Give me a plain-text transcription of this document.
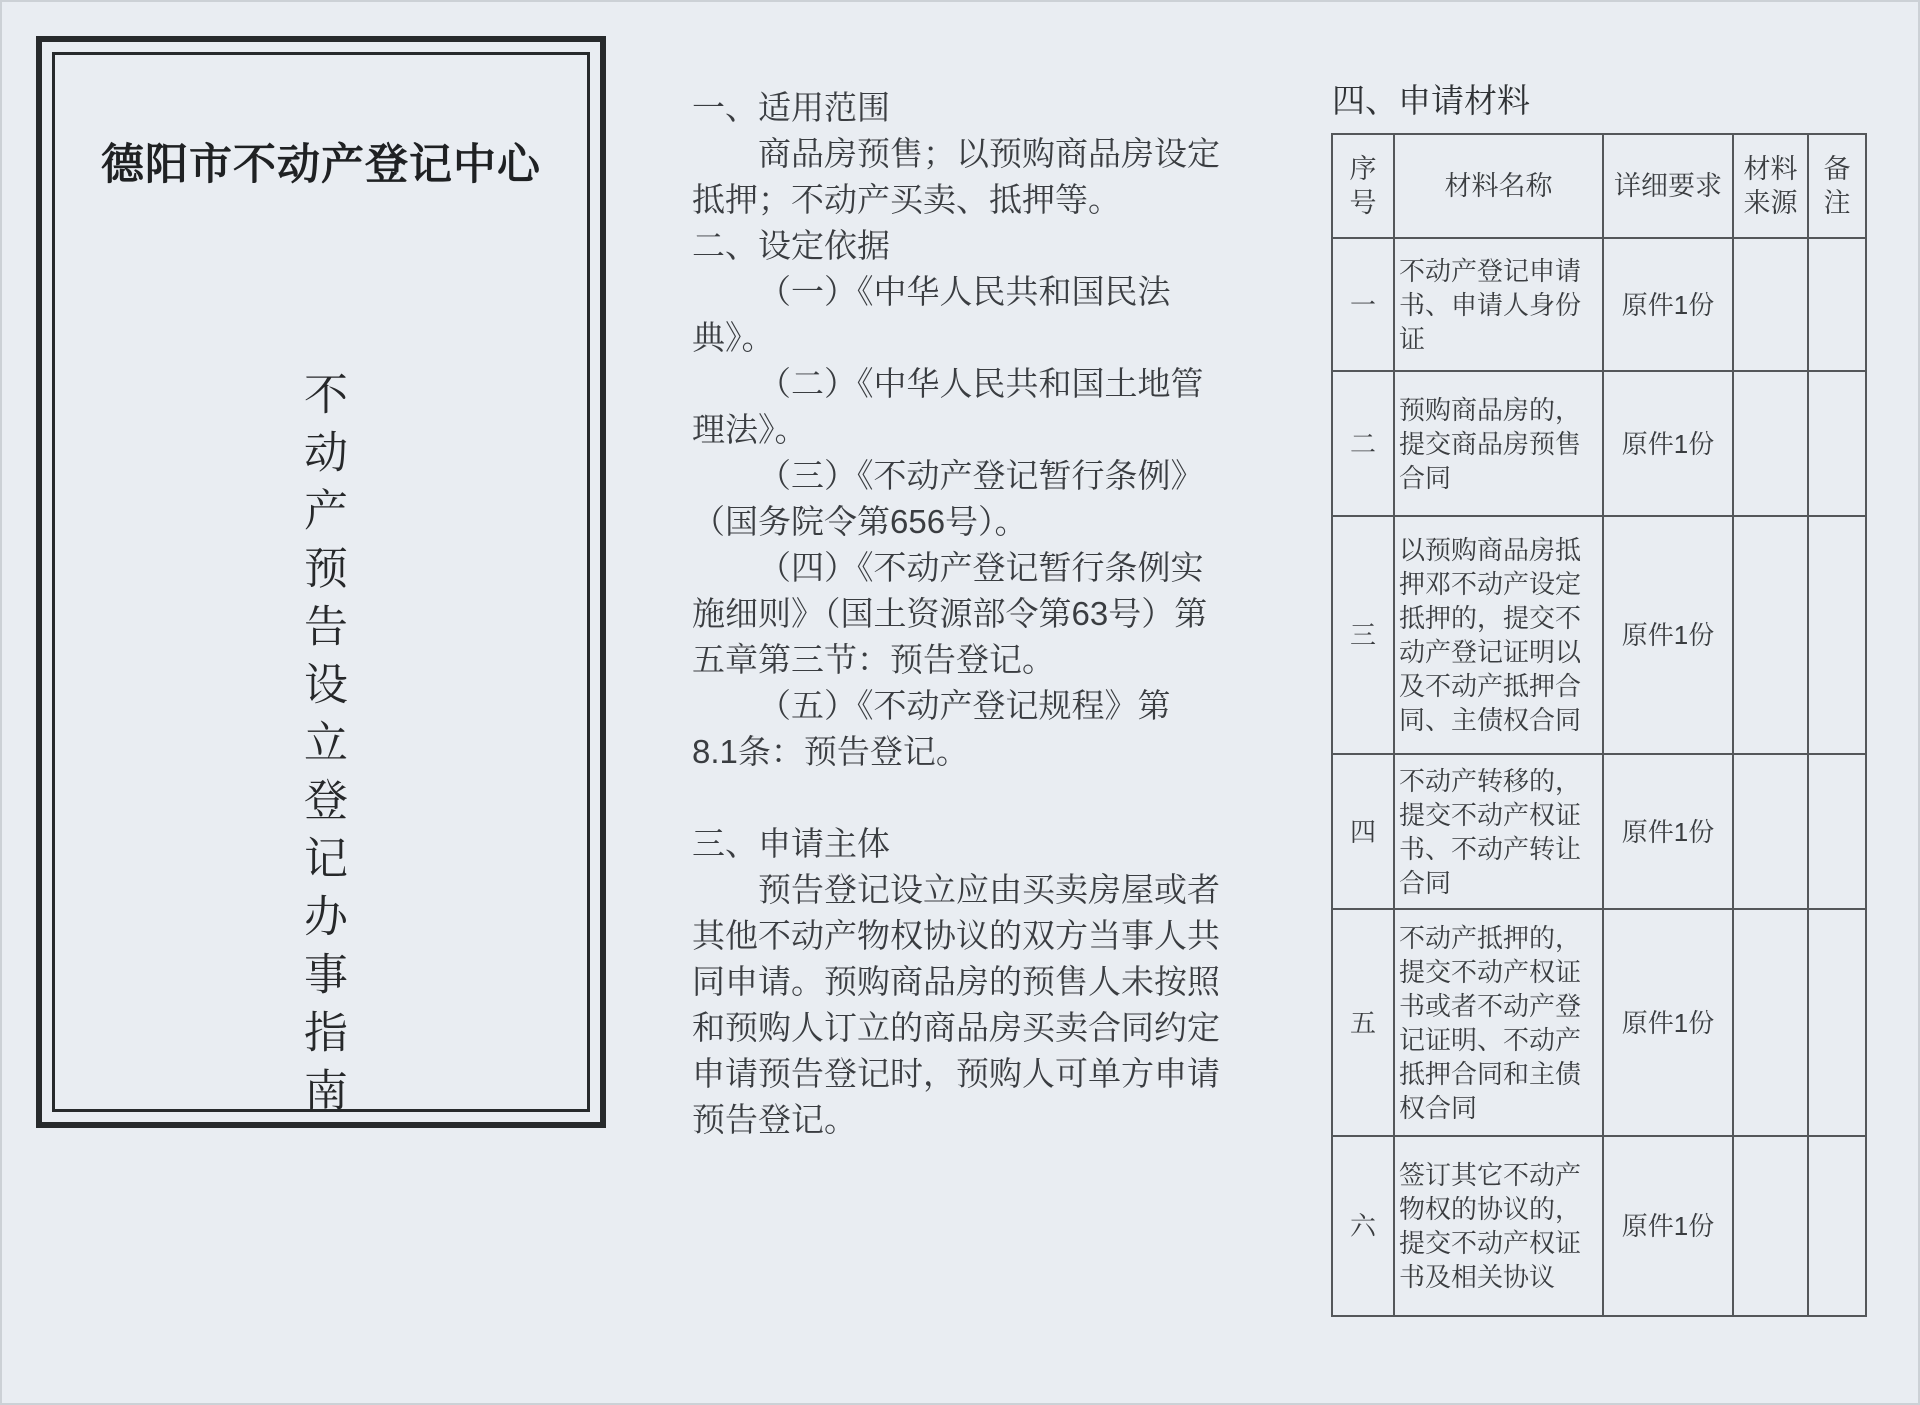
德阳市不动产登记中心
不动产预告设立登记办事指南
一、适用范围
商品房预售；以预购商品房设定
抵押；不动产买卖、抵押等。
二、设定依据
（一）《中华人民共和国民法
典》。
（二）《中华人民共和国土地管
理法》。
（三）《不动产登记暂行条例》
（国务院令第656号）。
（四）《不动产登记暂行条例实
施细则》（国土资源部令第63号）第
五章第三节：预告登记。
（五）《不动产登记规程》第
8.1条：预告登记。
三、申请主体
预告登记设立应由买卖房屋或者
其他不动产物权协议的双方当事人共
同申请。预购商品房的预售人未按照
和预购人订立的商品房买卖合同约定
申请预告登记时，预购人可单方申请
预告登记。
四、申请材料
序号	材料名称	详细要求	材料来源	备注
一	不动产登记申请书、申请人身份证	原件1份		
二	预购商品房的，提交商品房预售合同	原件1份		
三	以预购商品房抵押邓不动产设定抵押的，提交不动产登记证明以及不动产抵押合同、主债权合同	原件1份		
四	不动产转移的，提交不动产权证书、不动产转让合同	原件1份		
五	不动产抵押的，提交不动产权证书或者不动产登记证明、不动产抵押合同和主债权合同	原件1份		
六	签订其它不动产物权的协议的，提交不动产权证书及相关协议	原件1份		
